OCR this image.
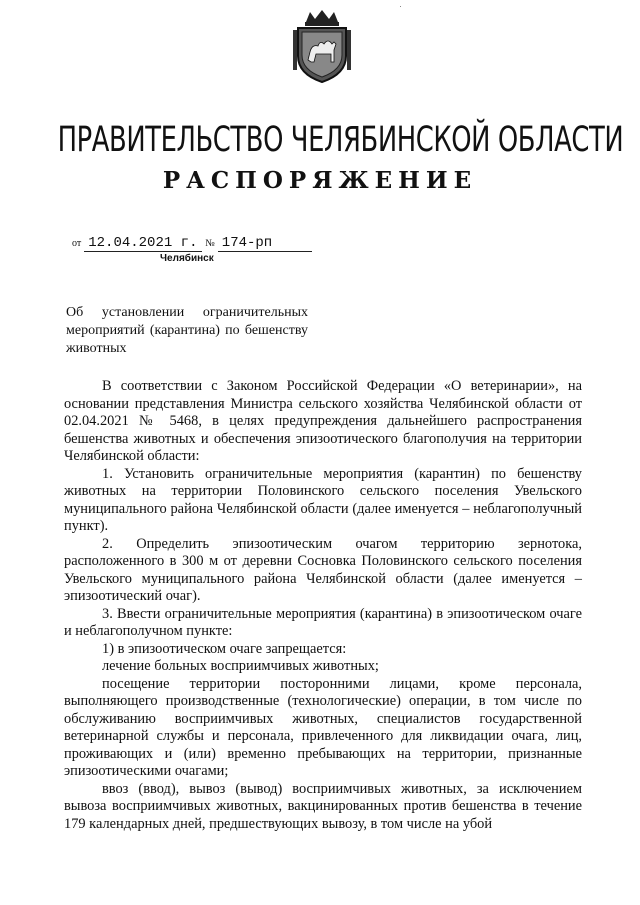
ПРАВИТЕЛЬСТВО ЧЕЛЯБИНСКОЙ ОБЛАСТИ
РАСПОРЯЖЕНИЕ
от 12.04.2021 г. № 174-рп
Челябинск
Об установлении ограничительных мероприятий (карантина) по бешенству животных

В соответствии с Законом Российской Федерации «О ветеринарии», на основании представления Министра сельского хозяйства Челябинской области от 02.04.2021 № 5468, в целях предупреждения дальнейшего распространения бешенства животных и обеспечения эпизоотического благополучия на территории Челябинской области:

1. Установить ограничительные мероприятия (карантин) по бешенству животных на территории Половинского сельского поселения Увельского муниципального района Челябинской области (далее именуется – неблагополучный пункт).

2. Определить эпизоотическим очагом территорию зернотока, расположенного в 300 м от деревни Сосновка Половинского сельского поселения Увельского муниципального района Челябинской области (далее именуется – эпизоотический очаг).

3. Ввести ограничительные мероприятия (карантина) в эпизоотическом очаге и неблагополучном пункте:

1) в эпизоотическом очаге запрещается:

лечение больных восприимчивых животных;

посещение территории посторонними лицами, кроме персонала, выполняющего производственные (технологические) операции, в том числе по обслуживанию восприимчивых животных, специалистов государственной ветеринарной службы и персонала, привлеченного для ликвидации очага, лиц, проживающих и (или) временно пребывающих на территории, признанные эпизоотическими очагами;

ввоз (ввод), вывоз (вывод) восприимчивых животных, за исключением вывоза восприимчивых животных, вакцинированных против бешенства в течение 179 календарных дней, предшествующих вывозу, в том числе на убой
